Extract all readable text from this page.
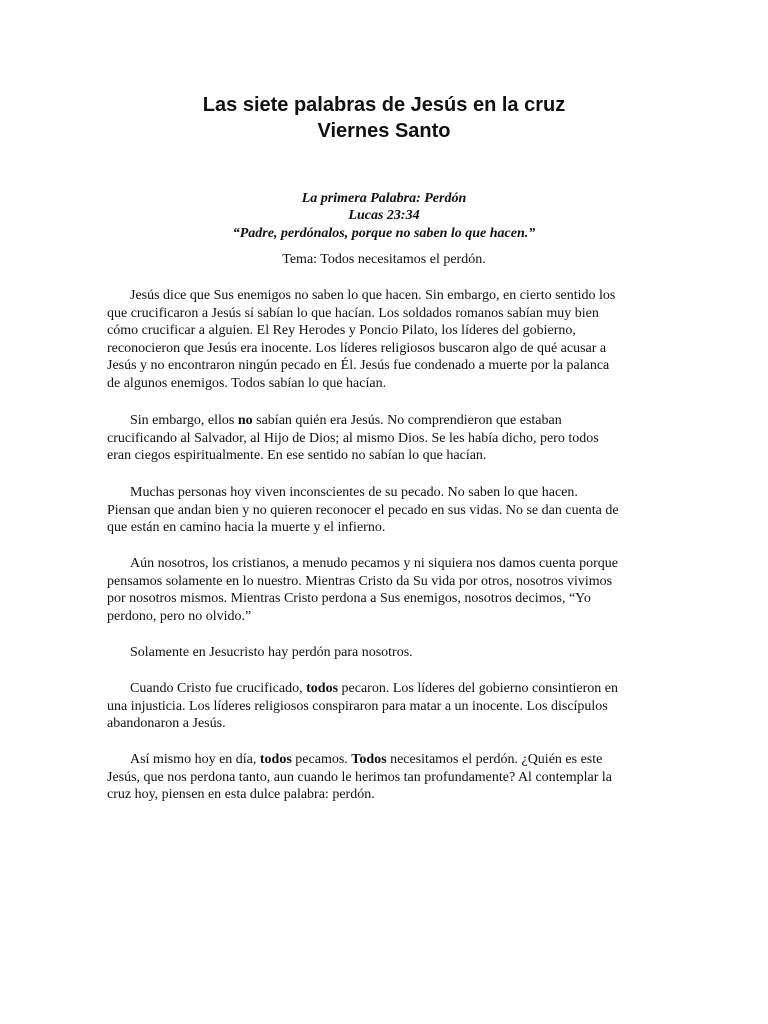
Las siete palabras de Jesús en la cruz
Viernes Santo
La primera Palabra: Perdón
Lucas 23:34
“Padre, perdónalos, porque no saben lo que hacen.”
Tema: Todos necesitamos el perdón.
Jesús dice que Sus enemigos no saben lo que hacen. Sin embargo, en cierto sentido los
que crucificaron a Jesús sí sabían lo que hacían. Los soldados romanos sabían muy bien
cómo crucificar a alguien. El Rey Herodes y Poncio Pilato, los líderes del gobierno,
reconocieron que Jesús era inocente. Los líderes religiosos buscaron algo de qué acusar a
Jesús y no encontraron ningún pecado en Él. Jesús fue condenado a muerte por la palanca
de algunos enemigos. Todos sabían lo que hacían.
Sin embargo, ellos no sabían quién era Jesús. No comprendieron que estaban
crucificando al Salvador, al Hijo de Dios; al mismo Dios. Se les había dicho, pero todos
eran ciegos espiritualmente. En ese sentido no sabían lo que hacían.
Muchas personas hoy viven inconscientes de su pecado. No saben lo que hacen.
Piensan que andan bien y no quieren reconocer el pecado en sus vidas. No se dan cuenta de
que están en camino hacia la muerte y el infierno.
Aún nosotros, los cristianos, a menudo pecamos y ni siquiera nos damos cuenta porque
pensamos solamente en lo nuestro. Mientras Cristo da Su vida por otros, nosotros vivimos
por nosotros mismos. Mientras Cristo perdona a Sus enemigos, nosotros decimos, “Yo
perdono, pero no olvido.”
Solamente en Jesucristo hay perdón para nosotros.
Cuando Cristo fue crucificado, todos pecaron. Los líderes del gobierno consintieron en
una injusticia. Los líderes religiosos conspiraron para matar a un inocente. Los discípulos
abandonaron a Jesús.
Así mismo hoy en día, todos pecamos. Todos necesitamos el perdón. ¿Quién es este
Jesús, que nos perdona tanto, aun cuando le herimos tan profundamente? Al contemplar la
cruz hoy, piensen en esta dulce palabra: perdón.
